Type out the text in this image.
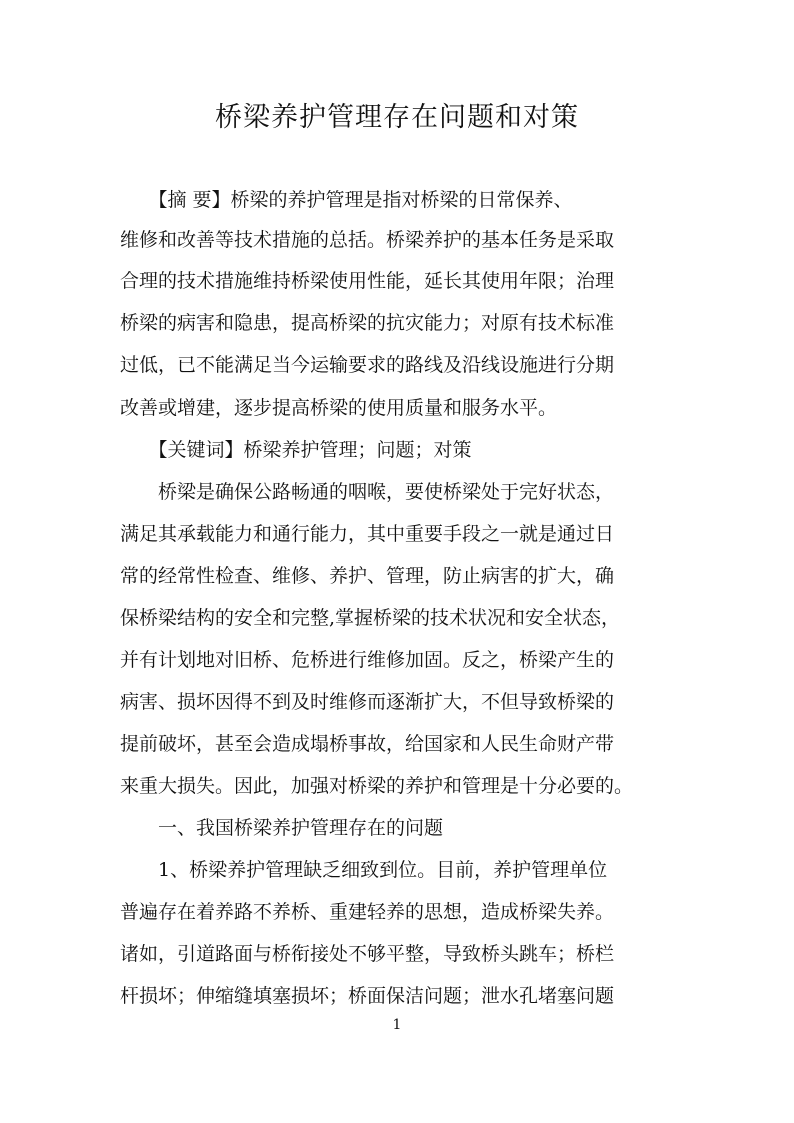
桥梁养护管理存在问题和对策

　　【摘 要】桥梁的养护管理是指对桥梁的日常保养、

维修和改善等技术措施的总括。桥梁养护的基本任务是采取

合理的技术措施维持桥梁使用性能，延长其使用年限；治理

桥梁的病害和隐患，提高桥梁的抗灾能力；对原有技术标准

过低，已不能满足当今运输要求的路线及沿线设施进行分期

改善或增建，逐步提高桥梁的使用质量和服务水平。

　　【关键词】桥梁养护管理；问题；对策

　　桥梁是确保公路畅通的咽喉，要使桥梁处于完好状态，

满足其承载能力和通行能力，其中重要手段之一就是通过日

常的经常性检查、维修、养护、管理，防止病害的扩大，确

保桥梁结构的安全和完整,掌握桥梁的技术状况和安全状态，

并有计划地对旧桥、危桥进行维修加固。反之，桥梁产生的

病害、损坏因得不到及时维修而逐渐扩大，不但导致桥梁的

提前破坏，甚至会造成塌桥事故，给国家和人民生命财产带

来重大损失。因此，加强对桥梁的养护和管理是十分必要的。

　　一、我国桥梁养护管理存在的问题

　　1、桥梁养护管理缺乏细致到位。目前，养护管理单位

普遍存在着养路不养桥、重建轻养的思想，造成桥梁失养。

诸如，引道路面与桥衔接处不够平整，导致桥头跳车；桥栏

杆损坏；伸缩缝填塞损坏；桥面保洁问题；泄水孔堵塞问题

1
